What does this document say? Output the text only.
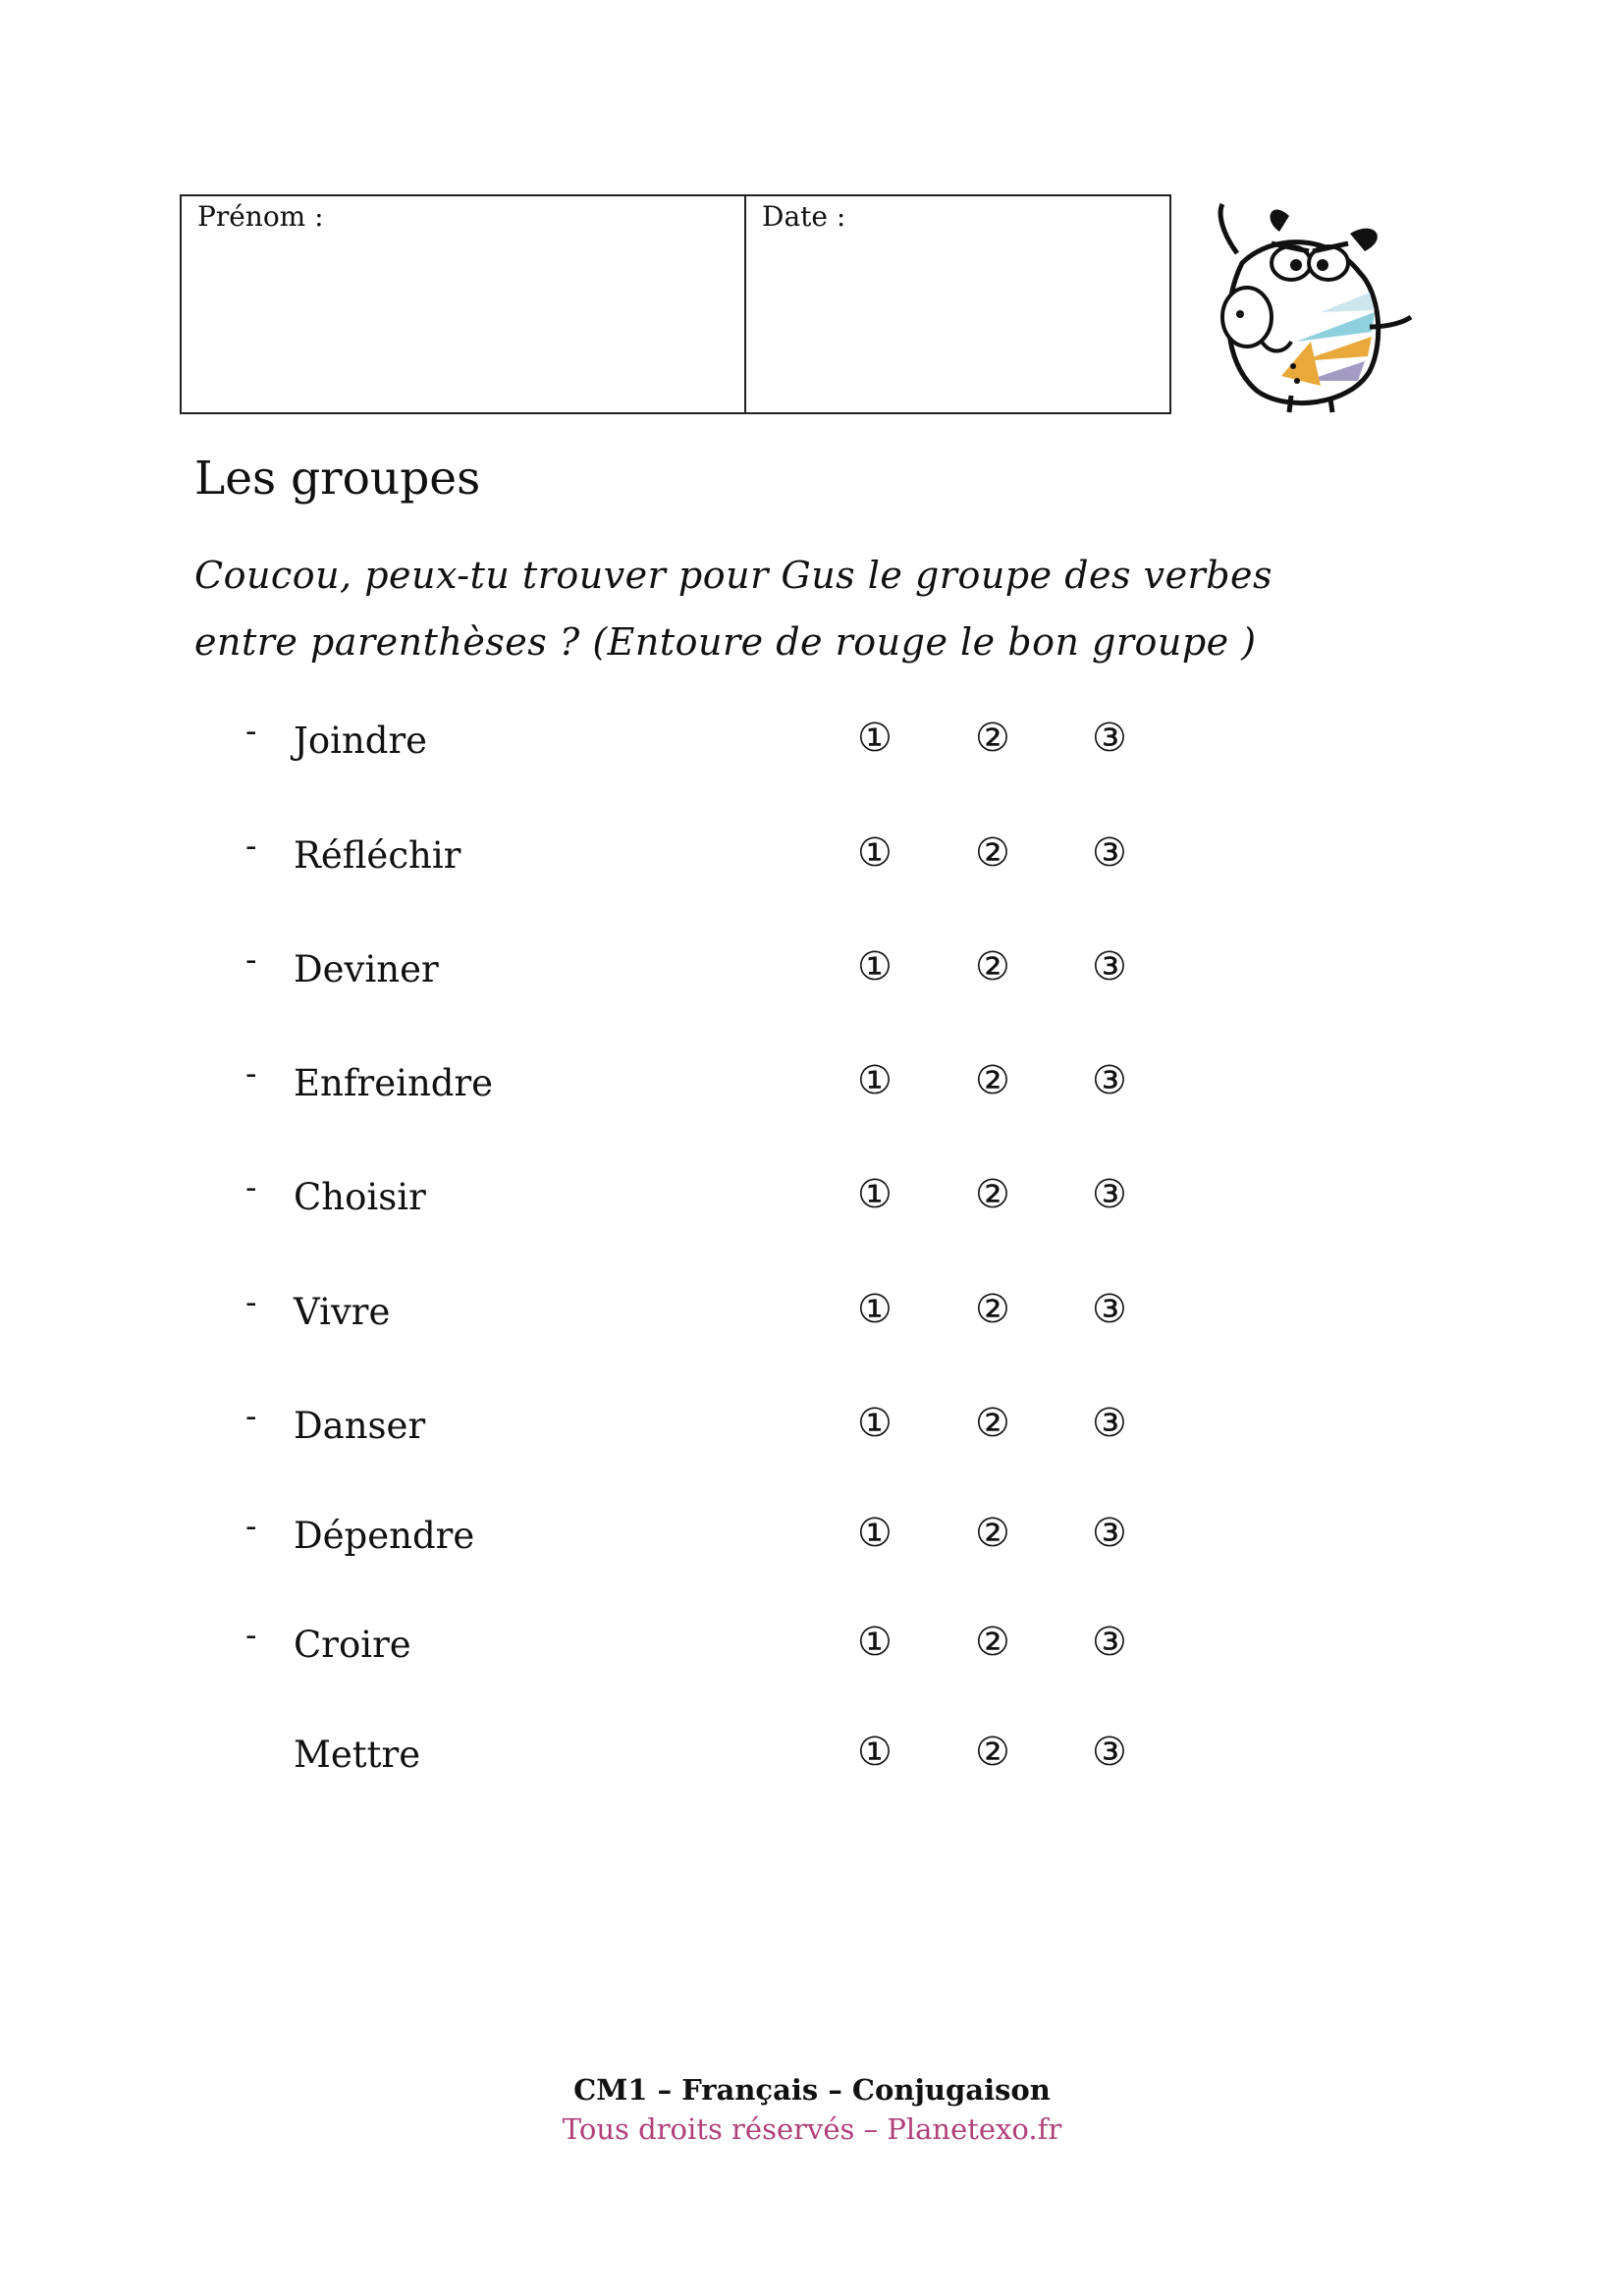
Prénom :	Date :
Les groupes
Coucou, peux-tu trouver pour Gus le groupe des verbes
entre parenthèses ? (Entoure de rouge le bon groupe )
- Joindre	① ② ③
- Réfléchir	① ② ③
- Deviner	① ② ③
- Enfreindre	① ② ③
- Choisir	① ② ③
- Vivre	① ② ③
- Danser	① ② ③
- Dépendre	① ② ③
- Croire	① ② ③
Mettre	① ② ③
CM1 – Français – Conjugaison
Tous droits réservés – Planetexo.fr
